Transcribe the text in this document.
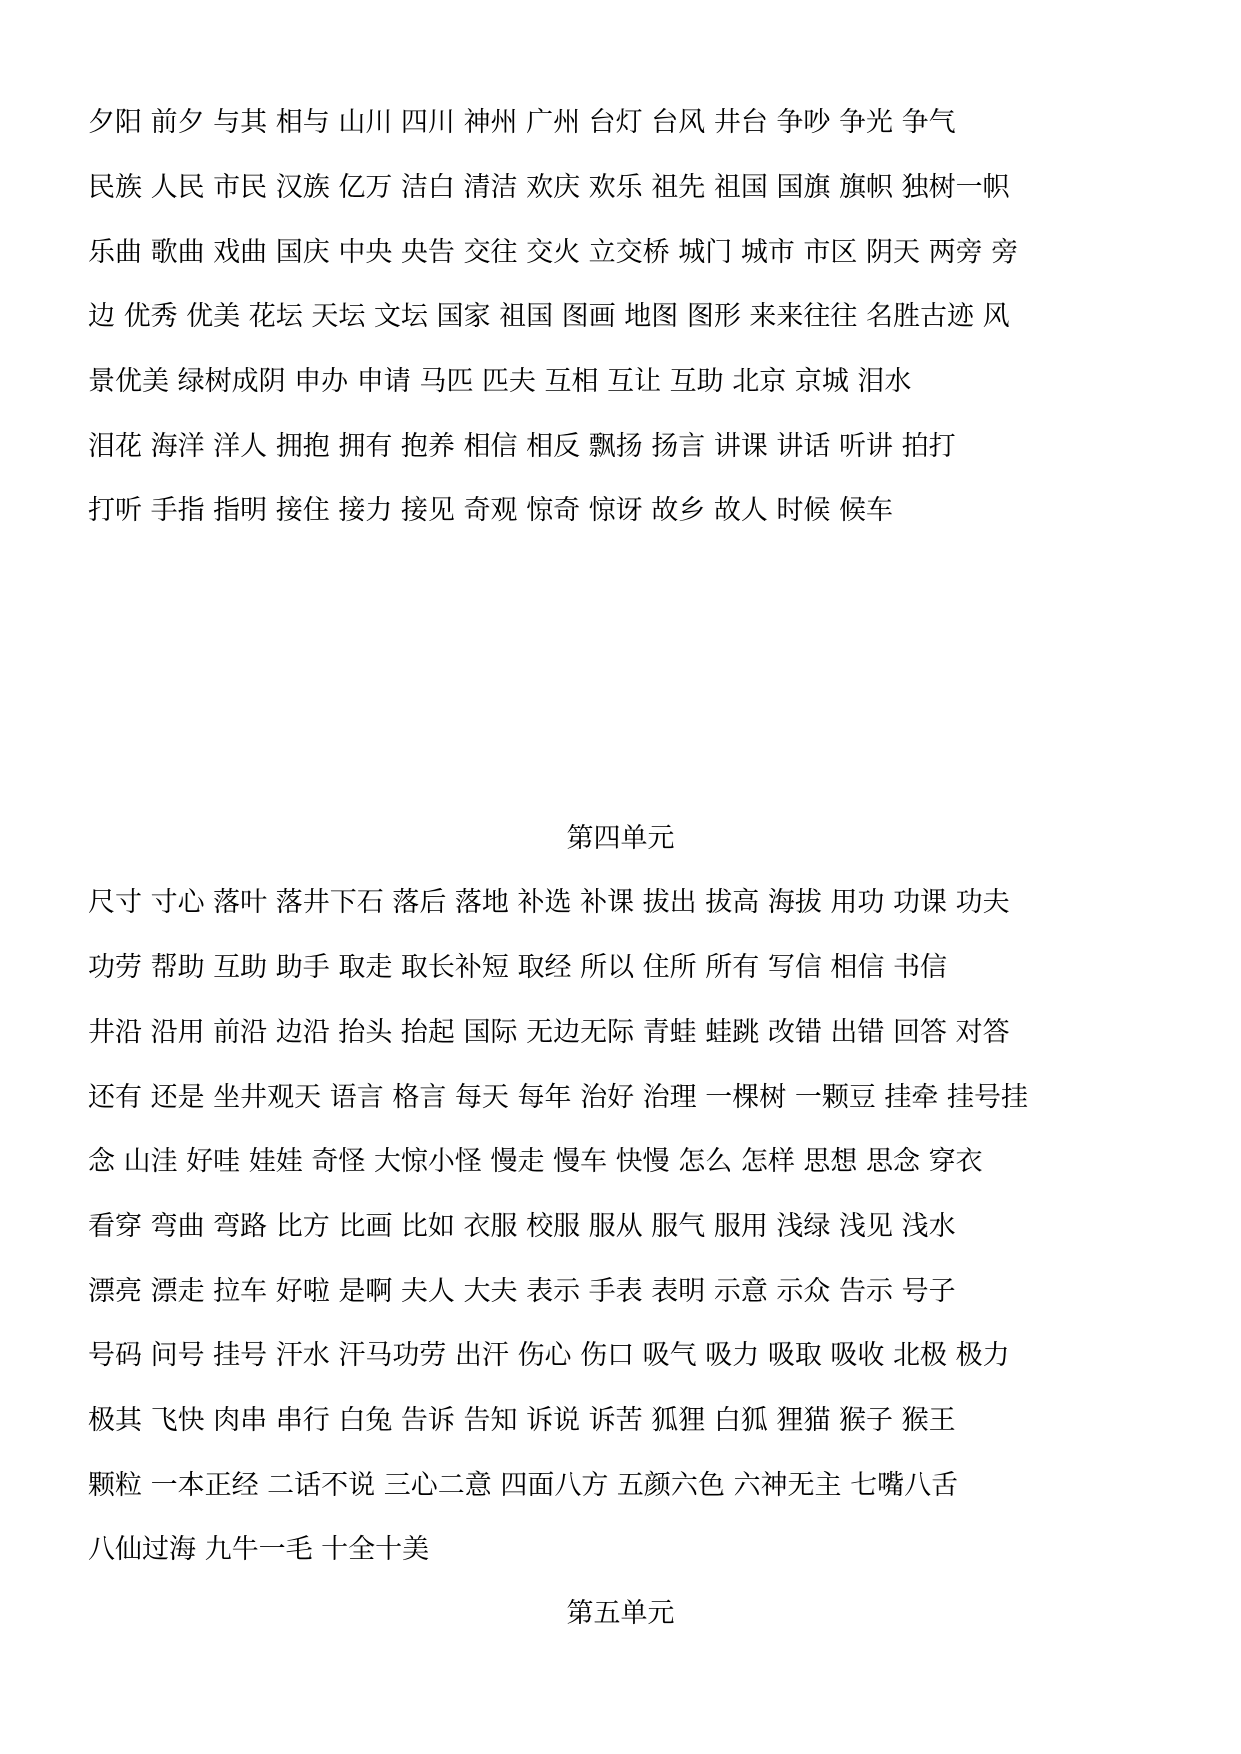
夕阳 前夕 与其 相与 山川 四川 神州 广州 台灯 台风 井台 争吵 争光 争气
民族 人民 市民 汉族 亿万 洁白 清洁 欢庆 欢乐 祖先 祖国 国旗 旗帜 独树一帜
乐曲 歌曲 戏曲 国庆 中央 央告 交往 交火 立交桥 城门 城市 市区 阴天 两旁 旁
边 优秀 优美 花坛 天坛 文坛 国家 祖国 图画 地图 图形 来来往往 名胜古迹 风
景优美 绿树成阴 申办 申请 马匹 匹夫 互相 互让 互助 北京 京城 泪水
泪花 海洋 洋人 拥抱 拥有 抱养 相信 相反 飘扬 扬言 讲课 讲话 听讲 拍打
打听 手指 指明 接住 接力 接见 奇观 惊奇 惊讶 故乡 故人 时候 候车
第四单元
尺寸 寸心 落叶 落井下石 落后 落地 补选 补课 拔出 拔高 海拔 用功 功课 功夫
功劳 帮助 互助 助手 取走 取长补短 取经 所以 住所 所有 写信 相信 书信
井沿 沿用 前沿 边沿 抬头 抬起 国际 无边无际 青蛙 蛙跳 改错 出错 回答 对答
还有 还是 坐井观天 语言 格言 每天 每年 治好 治理 一棵树 一颗豆 挂牵 挂号挂
念 山洼 好哇 娃娃 奇怪 大惊小怪 慢走 慢车 快慢 怎么 怎样 思想 思念 穿衣
看穿 弯曲 弯路 比方 比画 比如 衣服 校服 服从 服气 服用 浅绿 浅见 浅水
漂亮 漂走 拉车 好啦 是啊 夫人 大夫 表示 手表 表明 示意 示众 告示 号子
号码 问号 挂号 汗水 汗马功劳 出汗 伤心 伤口 吸气 吸力 吸取 吸收 北极 极力
极其 飞快 肉串 串行 白兔 告诉 告知 诉说 诉苦 狐狸 白狐 狸猫 猴子 猴王
颗粒 一本正经 二话不说 三心二意 四面八方 五颜六色 六神无主 七嘴八舌
八仙过海 九牛一毛 十全十美
第五单元
